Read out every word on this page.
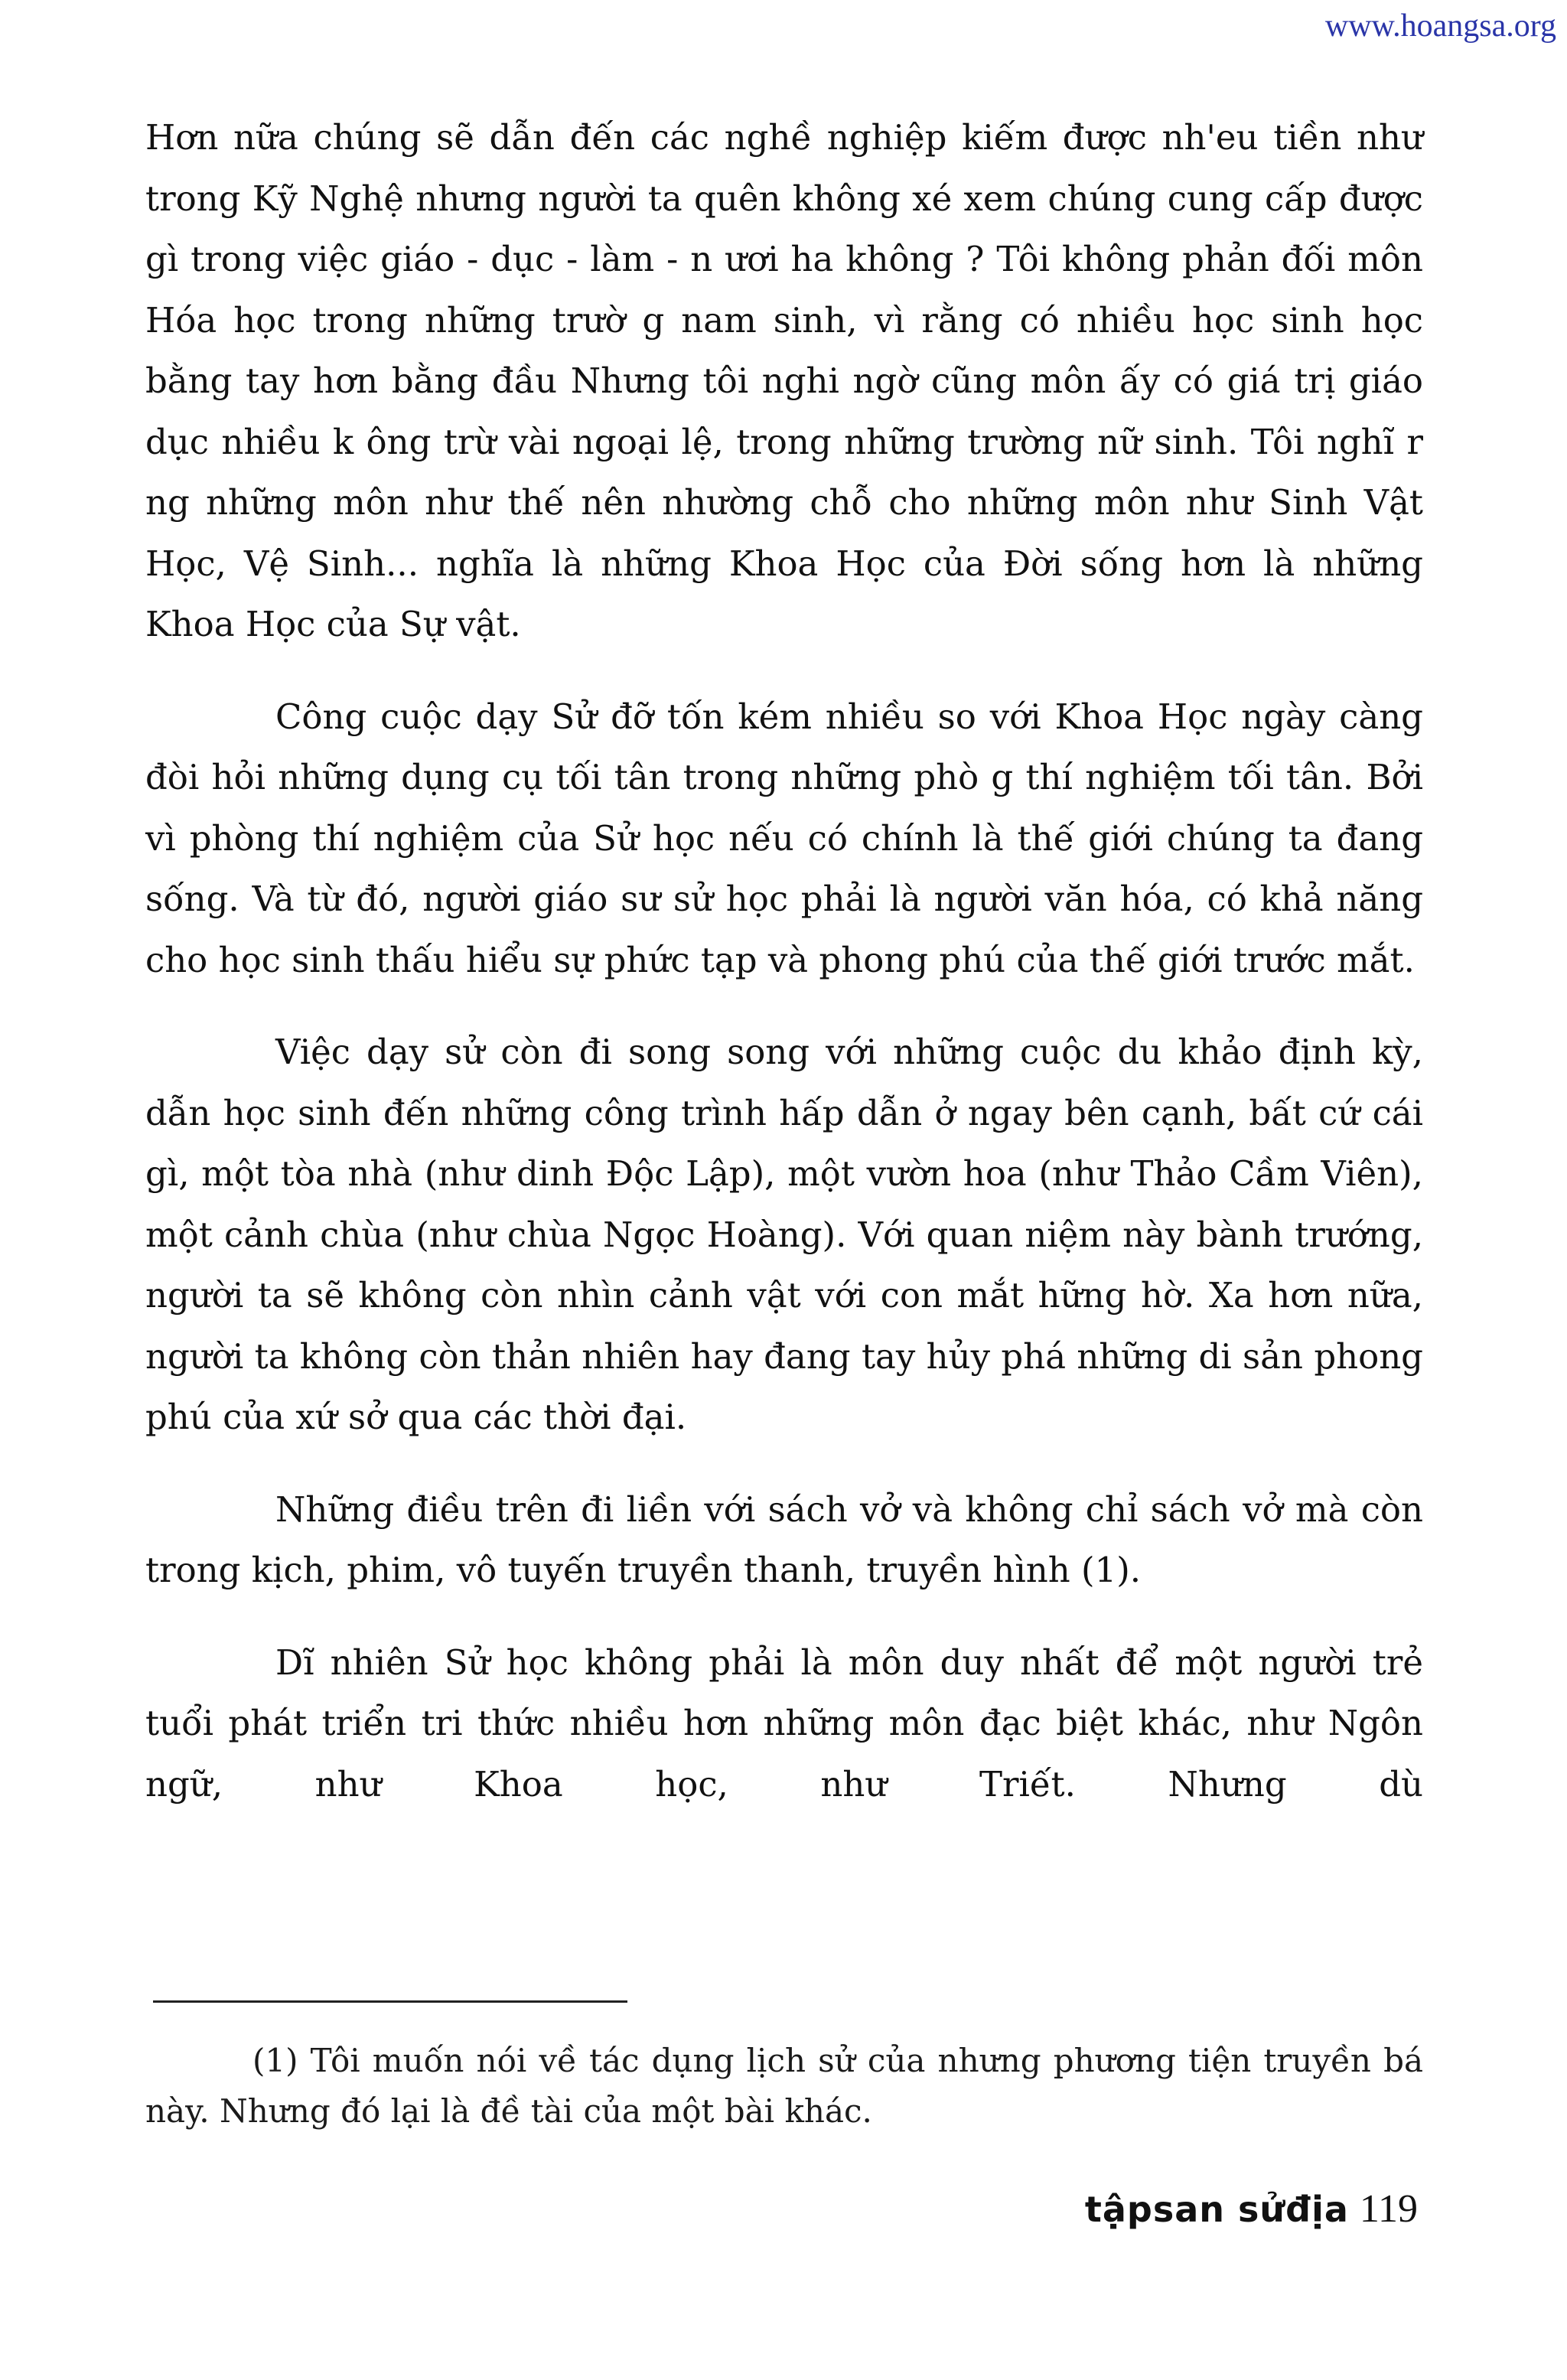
www.hoangsa.org

Hơn nữa chúng sẽ dẫn đến các nghề nghiệp kiếm được nh'eu tiền như trong Kỹ Nghệ nhưng người ta quên không xé xem chúng cung cấp được gì trong việc giáo - dục - làm - n ươi ha không ? Tôi không phản đối môn Hóa học trong những trườ g nam sinh, vì rằng có nhiều học sinh học bằng tay hơn bằng đầu Nhưng tôi nghi ngờ cũng môn ấy có giá trị giáo dục nhiều k ông trừ vài ngoại lệ, trong những trường nữ sinh. Tôi nghĩ r ng những môn như thế nên nhường chỗ cho những môn như Sinh Vật Học, Vệ Sinh... nghĩa là những Khoa Học của Đời sống hơn là những Khoa Học của Sự vật.

Công cuộc dạy Sử đỡ tốn kém nhiều so với Khoa Học ngày càng đòi hỏi những dụng cụ tối tân trong những phò g thí nghiệm tối tân. Bởi vì phòng thí nghiệm của Sử học nếu có chính là thế giới chúng ta đang sống. Và từ đó, người giáo sư sử học phải là người văn hóa, có khả năng cho học sinh thấu hiểu sự phức tạp và phong phú của thế giới trước mắt.

Việc dạy sử còn đi song song với những cuộc du khảo định kỳ, dẫn học sinh đến những công trình hấp dẫn ở ngay bên cạnh, bất cứ cái gì, một tòa nhà (như dinh Độc Lập), một vườn hoa (như Thảo Cầm Viên), một cảnh chùa (như chùa Ngọc Hoàng). Với quan niệm này bành trướng, người ta sẽ không còn nhìn cảnh vật với con mắt hững hờ. Xa hơn nữa, người ta không còn thản nhiên hay đang tay hủy phá những di sản phong phú của xứ sở qua các thời đại.

Những điều trên đi liền với sách vở và không chỉ sách vở mà còn trong kịch, phim, vô tuyến truyền thanh, truyền hình (1).

Dĩ nhiên Sử học không phải là môn duy nhất để một người trẻ tuổi phát triển tri thức nhiều hơn những môn đạc biệt khác, như Ngôn ngữ, như Khoa học, như Triết. Nhưng dù

(1) Tôi muốn nói về tác dụng lịch sử của nhưng phương tiện truyền bá này. Nhưng đó lại là đề tài của một bài khác.

tậpsan sửđịa 119
